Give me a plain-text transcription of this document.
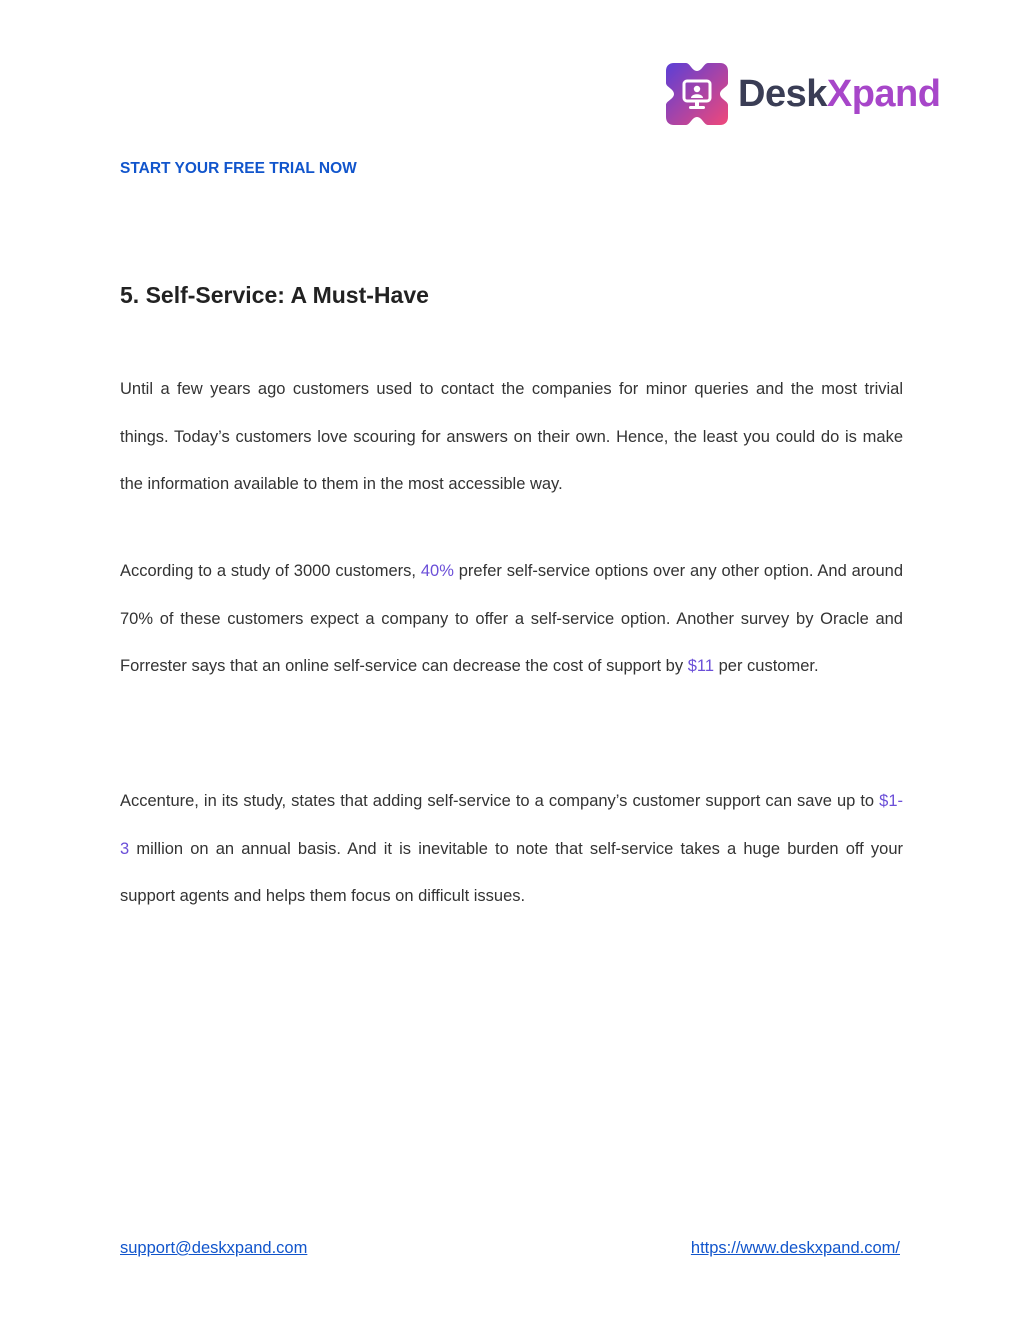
DeskXpand
START YOUR FREE TRIAL NOW
5. Self-Service: A Must-Have

Until a few years ago customers used to contact the companies for minor queries and the most trivial things. Today’s customers love scouring for answers on their own. Hence, the least you could do is make the information available to them in the most accessible way.

According to a study of 3000 customers, 40% prefer self-service options over any other option. And around 70% of these customers expect a company to offer a self-service option. Another survey by Oracle and Forrester says that an online self-service can decrease the cost of support by $11 per customer.

Accenture, in its study, states that adding self-service to a company’s customer support can save up to $1-3 million on an annual basis. And it is inevitable to note that self-service takes a huge burden off your support agents and helps them focus on difficult issues.

support@deskxpand.com	https://www.deskxpand.com/
